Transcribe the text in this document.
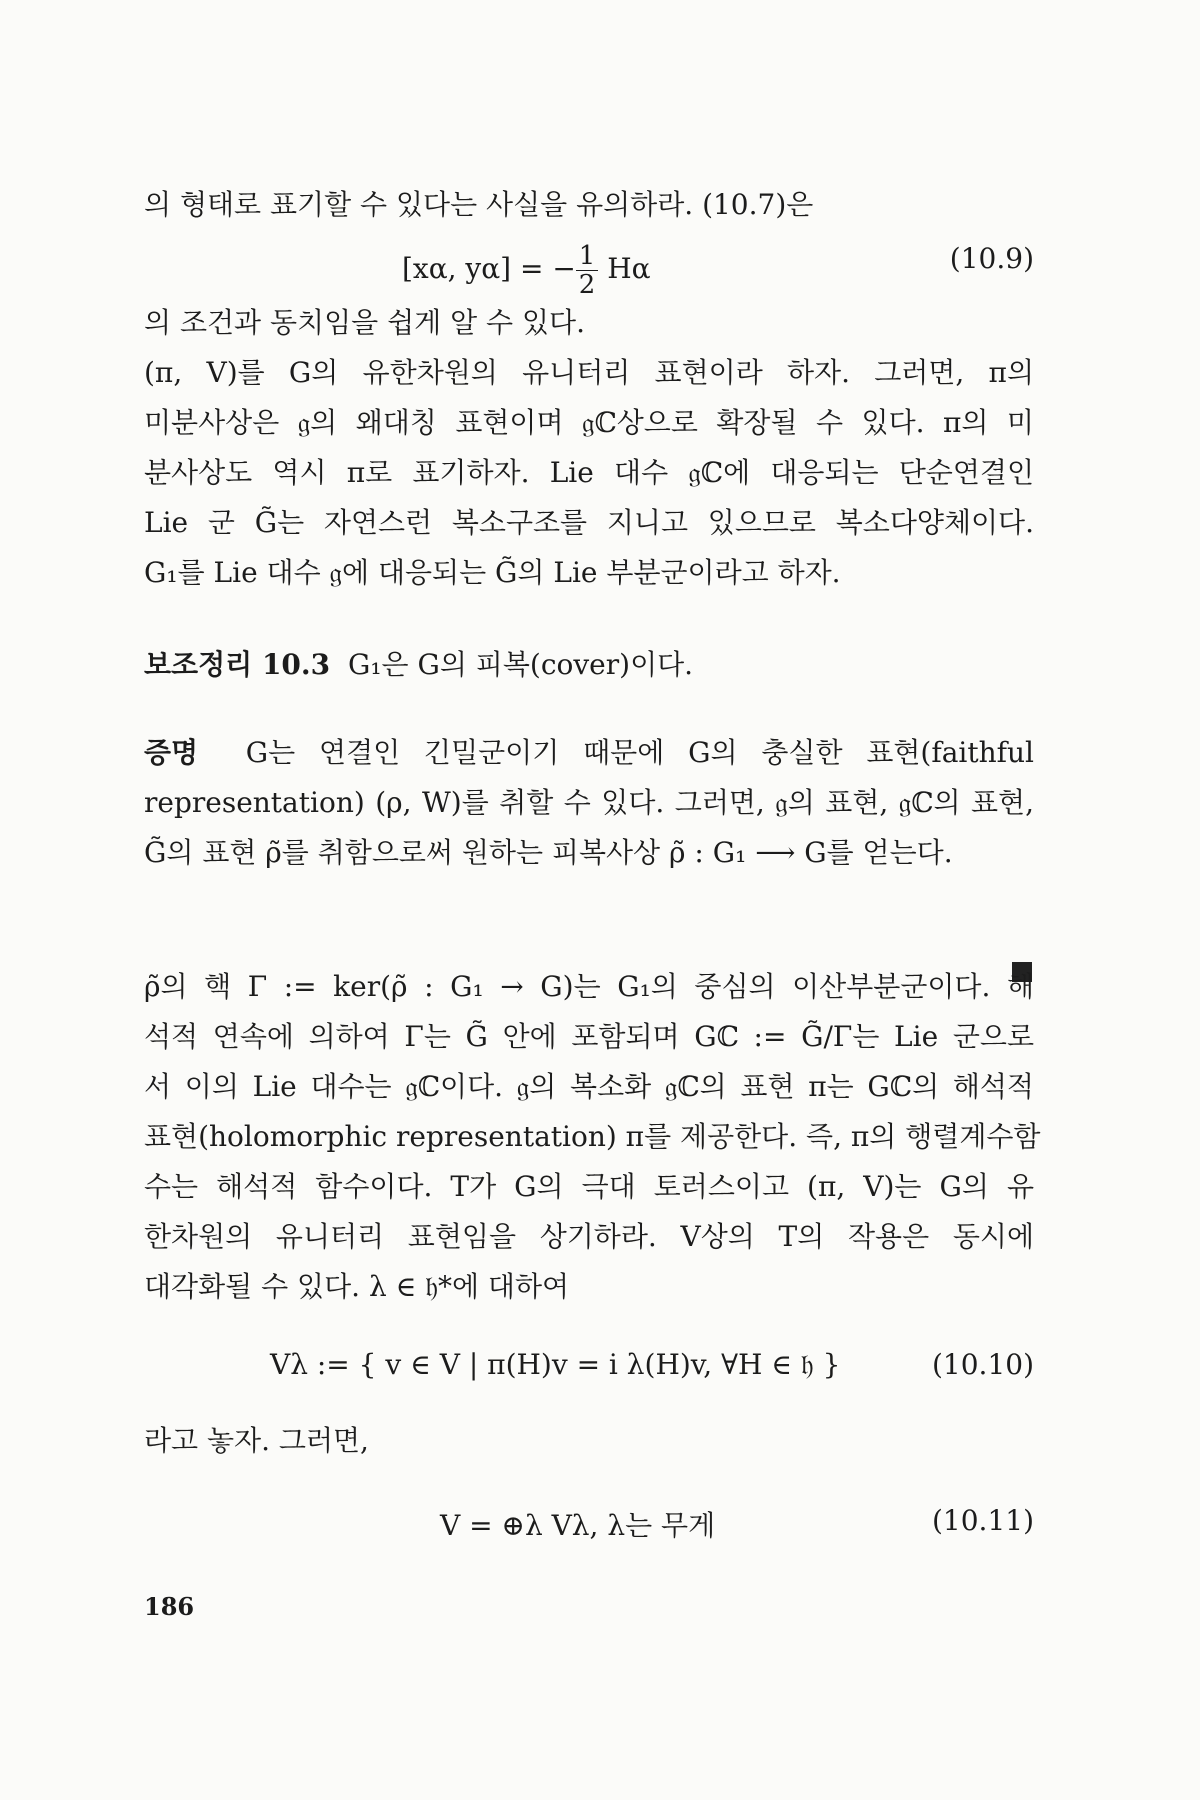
의 형태로 표기할 수 있다는 사실을 유의하라. (10.7)은
[xα, yα] = − $\frac{1}{2}$ Hα	(10.9)
의 조건과 동치임을 쉽게 알 수 있다.
(π, V)를 G의 유한차원의 유니터리 표현이라 하자. 그러면, π의
미분사상은 𝔤의 왜대칭 표현이며 𝔤ℂ상으로 확장될 수 있다. π의 미
분사상도 역시 π로 표기하자. Lie 대수 𝔤ℂ에 대응되는 단순연결인
Lie 군 G̃는 자연스런 복소구조를 지니고 있으므로 복소다양체이다.
G₁를 Lie 대수 𝔤에 대응되는 G̃의 Lie 부분군이라고 하자.
보조정리 10.3 G₁은 G의 피복(cover)이다.
증명 G는 연결인 긴밀군이기 때문에 G의 충실한 표현(faithful
representation) (ρ, W)를 취할 수 있다. 그러면, 𝔤의 표현, 𝔤ℂ의 표현,
G̃의 표현 ρ̃를 취함으로써 원하는 피복사상 ρ̃ : G₁ ⟶ G를 얻는다.
ρ̃의 핵 Γ := ker(ρ̃ : G₁ → G)는 G₁의 중심의 이산부분군이다. 해
석적 연속에 의하여 Γ는 G̃ 안에 포함되며 Gℂ := G̃/Γ는 Lie 군으로
서 이의 Lie 대수는 𝔤ℂ이다. 𝔤의 복소화 𝔤ℂ의 표현 π는 Gℂ의 해석적
표현(holomorphic representation) π를 제공한다. 즉, π의 행렬계수함
수는 해석적 함수이다. T가 G의 극대 토러스이고 (π, V)는 G의 유
한차원의 유니터리 표현임을 상기하라. V상의 T의 작용은 동시에
대각화될 수 있다. λ ∈ 𝔥*에 대하여
Vλ := { v ∈ V | π(H)v = i λ(H)v, ∀H ∈ 𝔥 }	(10.10)
라고 놓자. 그러면,
V = ⊕λ Vλ, λ는 무게	(10.11)
186
